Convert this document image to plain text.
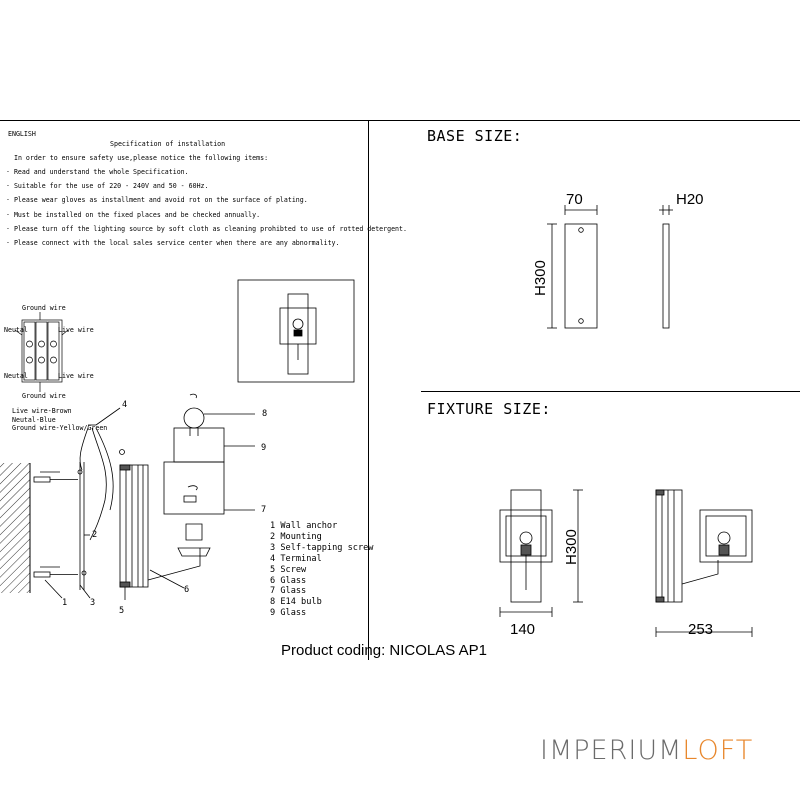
ENGLISH
Specification of installation
In order to ensure safety use,please notice the following items:
· Read and understand the whole Specification.
· Suitable for the use of 220 - 240V and 50 - 60Hz.
· Please wear gloves as installment and avoid rot on the surface of plating.
· Must be installed on the fixed places and be checked annually.
· Please turn off the lighting source by soft cloth as cleaning prohibted to use of rotted detergent.
· Please connect with the local sales service center when there are any abnormality.
Ground wire
Neutal	Live wire
Neutal	Live wire
Ground wire
Live wire-Brown
Neutal-Blue
Ground wire-Yellow/Green
1
2
3
4
5
6
7
8
9
1 Wall anchor
2 Mounting
3 Self-tapping screw
4 Terminal
5 Screw
6 Glass
7 Glass
8 E14 bulb
9 Glass
BASE SIZE:
FIXTURE SIZE:
70	H20
H300
H300
140	253
Product coding: NICOLAS AP1
IMPERIUMLOFT
